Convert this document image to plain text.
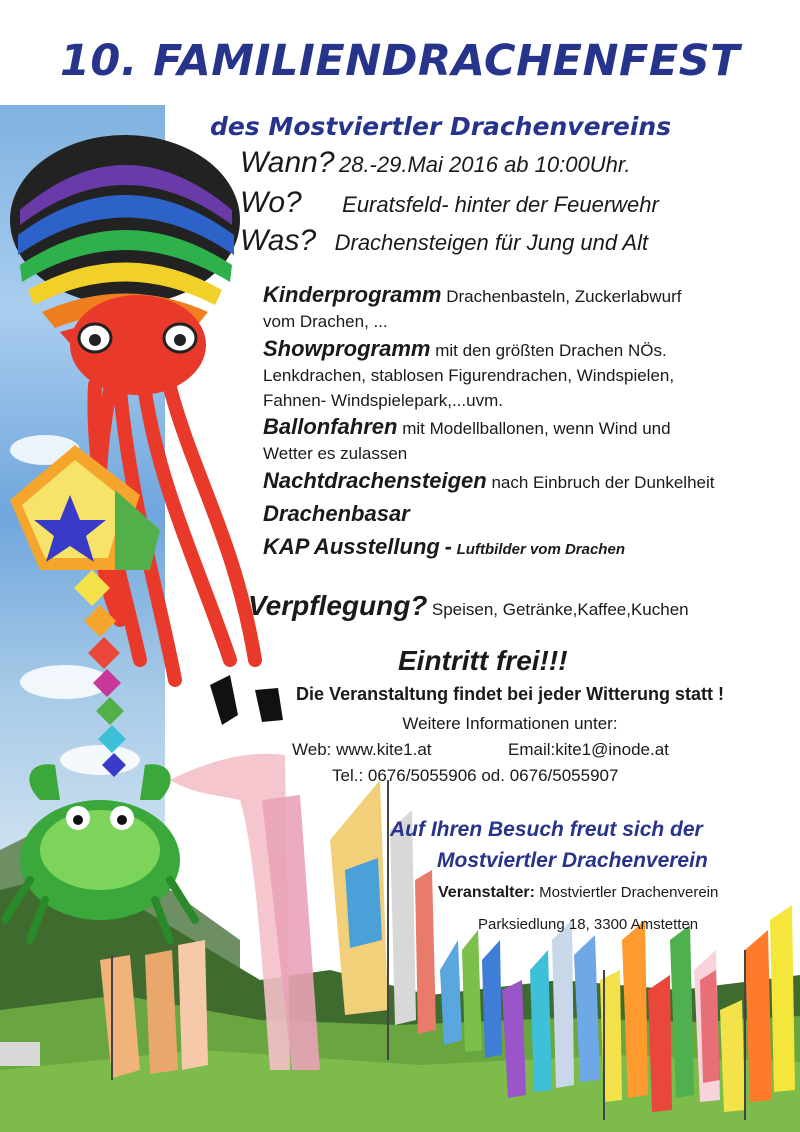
10. FAMILIENDRACHENFEST
des Mostviertler Drachenvereins
Wann? 28.-29.Mai 2016 ab 10:00Uhr.
Wo? Euratsfeld- hinter der Feuerwehr
Was? Drachensteigen für Jung und Alt
Kinderprogramm Drachenbasteln, Zuckerlabwurf
vom Drachen, ...
Showprogramm mit den größten Drachen NÖs.
Lenkdrachen, stablosen Figurendrachen, Windspielen,
Fahnen- Windspielepark,...uvm.
Ballonfahren mit Modellballonen, wenn Wind und
Wetter es zulassen
Nachtdrachensteigen nach Einbruch der Dunkelheit
Drachenbasar
KAP Ausstellung - Luftbilder vom Drachen
Verpflegung? Speisen, Getränke,Kaffee,Kuchen
Eintritt frei!!!
Die Veranstaltung findet bei jeder Witterung statt !
Weitere Informationen unter:
Web: www.kite1.at	Email:kite1@inode.at
Tel.: 0676/5055906 od. 0676/5055907
Auf Ihren Besuch freut sich der
Mostviertler Drachenverein
Veranstalter: Mostviertler Drachenverein
Parksiedlung 18, 3300 Amstetten
